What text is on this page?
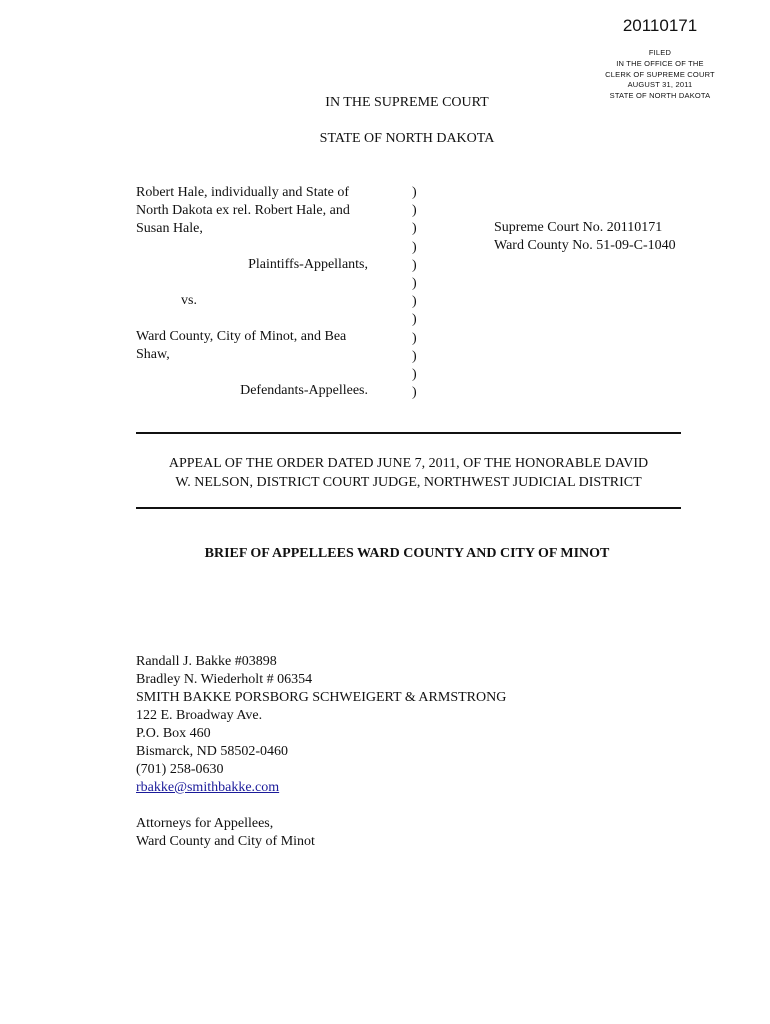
20110171
FILED
IN THE OFFICE OF THE
CLERK OF SUPREME COURT
AUGUST 31, 2011
STATE OF NORTH DAKOTA
IN THE SUPREME COURT
STATE OF NORTH DAKOTA
Robert Hale, individually and State of
North Dakota ex rel. Robert Hale, and
Susan Hale,
Plaintiffs-Appellants,
vs.
Ward County, City of Minot, and Bea
Shaw,
Defendants-Appellees.
)
)
)
)
)
)
)
)
)
)
)
)
Supreme Court No. 20110171
Ward County No. 51-09-C-1040
APPEAL OF THE ORDER DATED JUNE 7, 2011, OF THE HONORABLE DAVID
W. NELSON, DISTRICT COURT JUDGE, NORTHWEST JUDICIAL DISTRICT
BRIEF OF APPELLEES WARD COUNTY AND CITY OF MINOT
Randall J. Bakke #03898
Bradley N. Wiederholt # 06354
SMITH BAKKE PORSBORG SCHWEIGERT & ARMSTRONG
122 E. Broadway Ave.
P.O. Box 460
Bismarck, ND 58502-0460
(701) 258-0630
rbakke@smithbakke.com
Attorneys for Appellees,
Ward County and City of Minot
